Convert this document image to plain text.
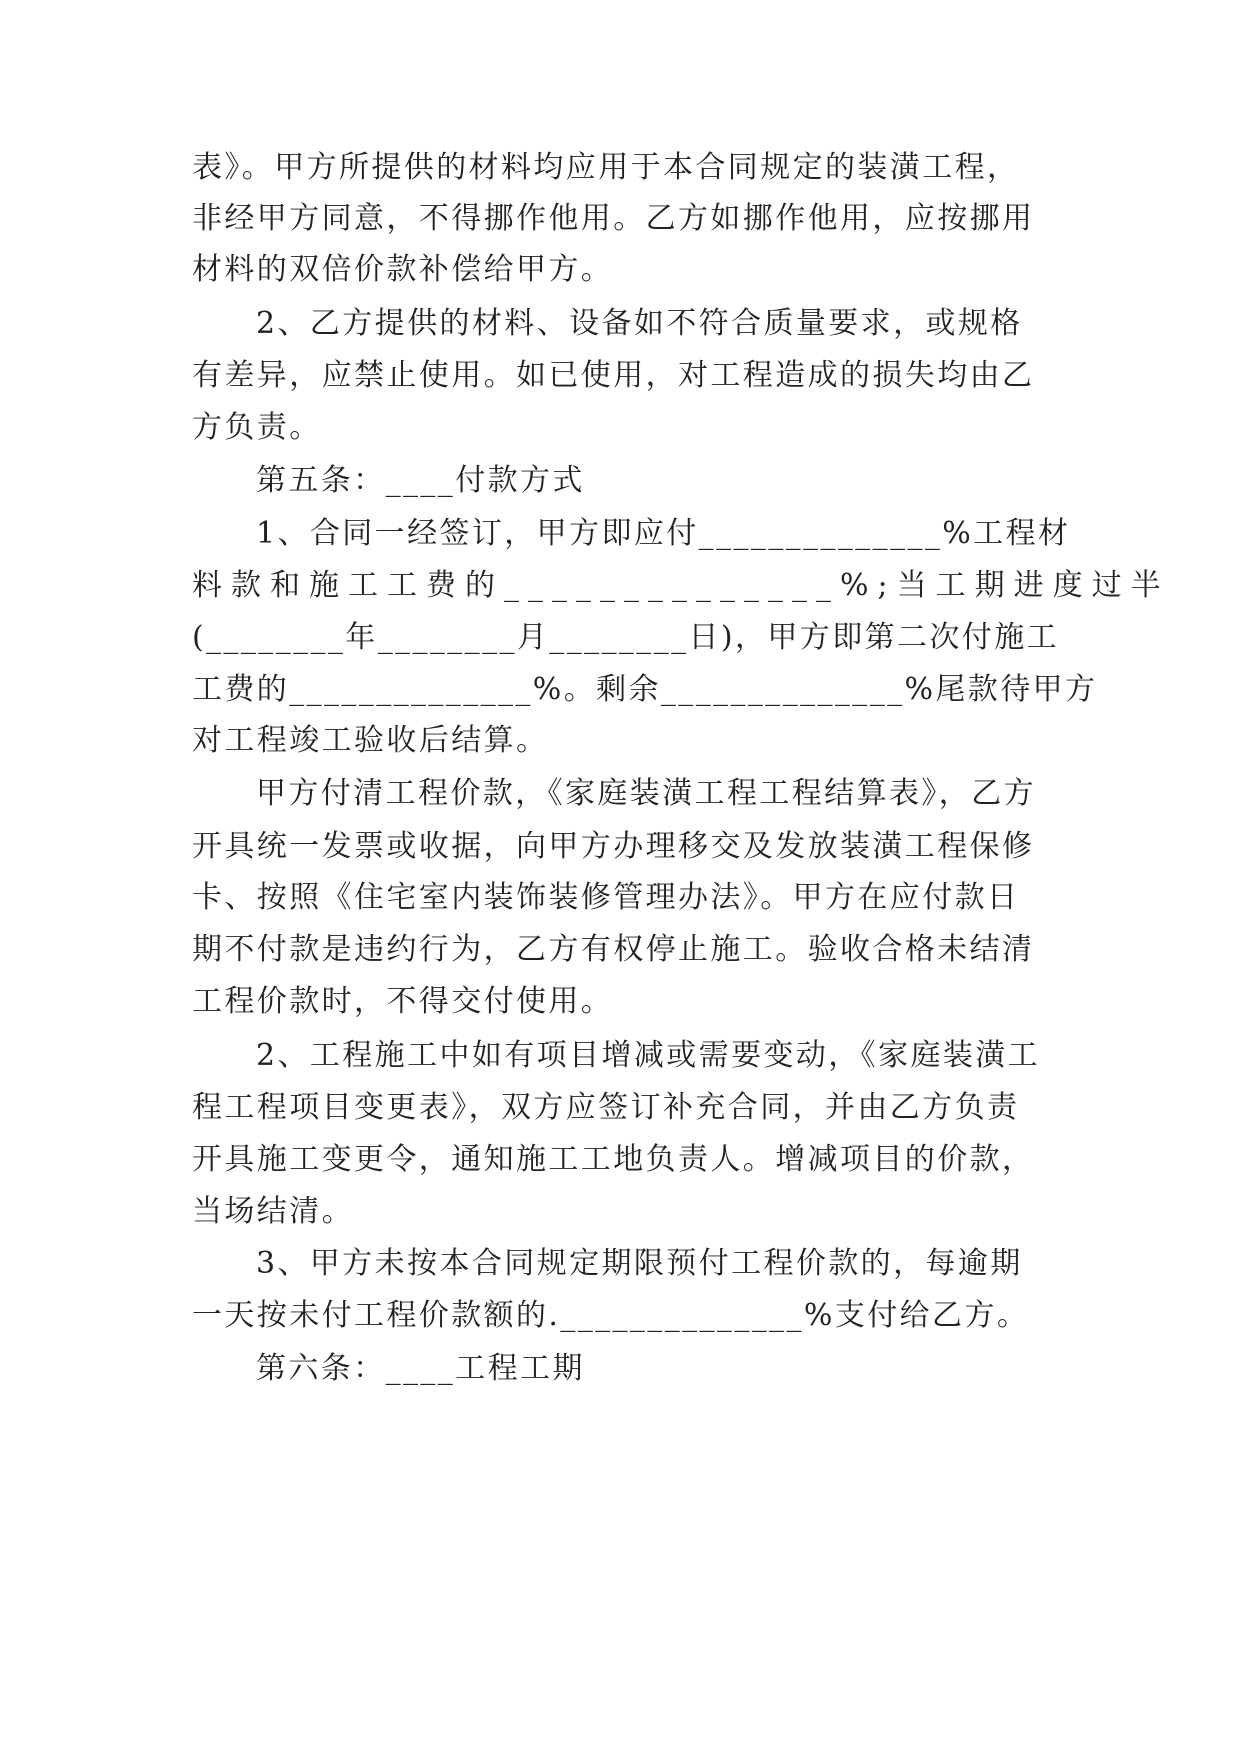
表》。甲方所提供的材料均应用于本合同规定的装潢工程，
非经甲方同意，不得挪作他用。乙方如挪作他用，应按挪用
材料的双倍价款补偿给甲方。
2、乙方提供的材料、设备如不符合质量要求，或规格
有差异，应禁止使用。如已使用，对工程造成的损失均由乙
方负责。
第五条：____付款方式
1、合同一经签订，甲方即应付______________%工程材
料款和施工工费的______________%;当工期进度过半
(________年________月________日)，甲方即第二次付施工
工费的______________%。剩余______________%尾款待甲方
对工程竣工验收后结算。
甲方付清工程价款，《家庭装潢工程工程结算表》，乙方
开具统一发票或收据，向甲方办理移交及发放装潢工程保修
卡、按照《住宅室内装饰装修管理办法》。甲方在应付款日
期不付款是违约行为，乙方有权停止施工。验收合格未结清
工程价款时，不得交付使用。
2、工程施工中如有项目增减或需要变动，《家庭装潢工
程工程项目变更表》，双方应签订补充合同，并由乙方负责
开具施工变更令，通知施工工地负责人。增减项目的价款，
当场结清。
3、甲方未按本合同规定期限预付工程价款的，每逾期
一天按未付工程价款额的.______________%支付给乙方。
第六条：____工程工期
